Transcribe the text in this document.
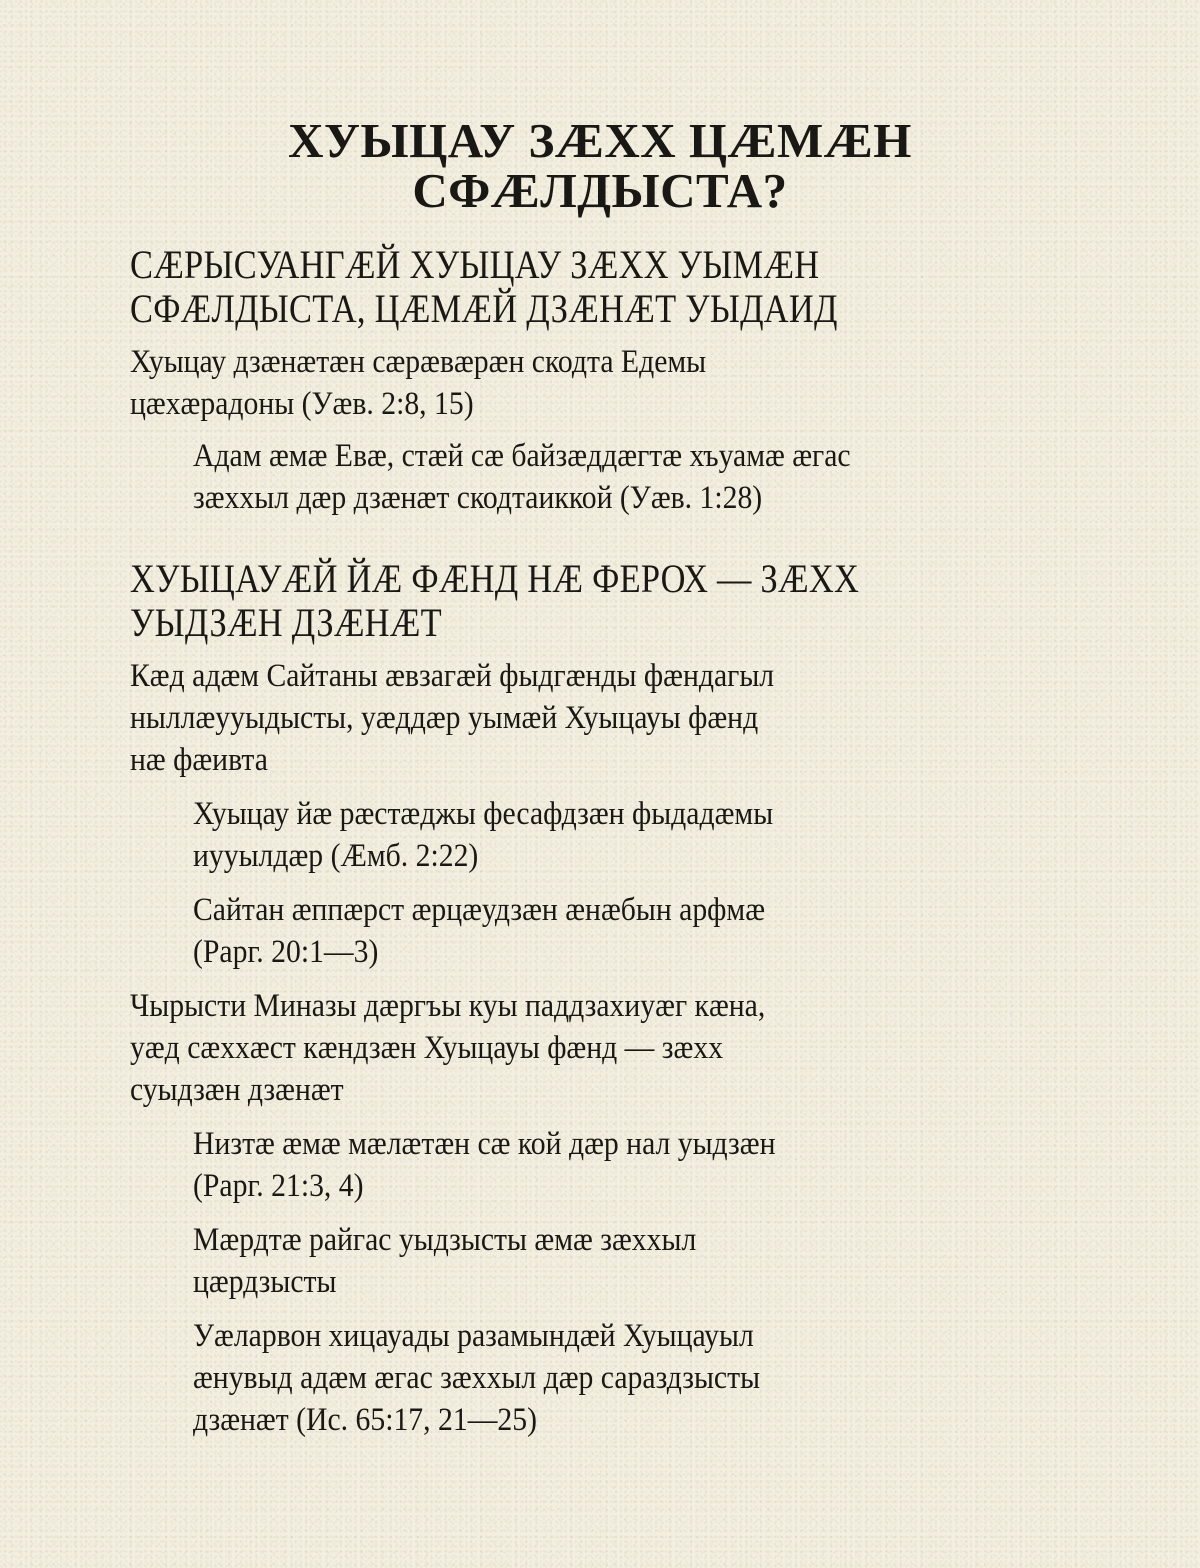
ХУЫЦАУ ЗÆХХ ЦÆМÆН
СФÆЛДЫСТА?
СÆРЫСУАНГÆЙ ХУЫЦАУ ЗÆХХ УЫМÆН
СФÆЛДЫСТА, ЦÆМÆЙ ДЗÆНÆТ УЫДАИД

Хуыцау дзæнæтæн сæрæвæрæн скодта Едемы
цæхæрадоны (Уæв. 2:8, 15)

Адам æмæ Евæ, стæй сæ байзæддæгтæ хъуамæ æгас
зæххыл дæр дзæнæт скодтаиккой (Уæв. 1:28)

ХУЫЦАУÆЙ ЙÆ ФÆНД НÆ ФЕРОХ — ЗÆХХ
УЫДЗÆН ДЗÆНÆТ

Кæд адæм Сайтаны æвзагæй фыдгæнды фæндагыл
ныллæууыдысты, уæддæр уымæй Хуыцауы фæнд
нæ фæивта

Хуыцау йæ рæстæджы фесафдзæн фыдадæмы
иууылдæр (Æмб. 2:22)

Сайтан æппæрст æрцæудзæн æнæбын арфмæ
(Рарг. 20:1—3)

Чырысти Миназы дæргъы куы паддзахиуæг кæна,
уæд сæххæст кæндзæн Хуыцауы фæнд — зæхх
суыдзæн дзæнæт

Низтæ æмæ мæлæтæн сæ кой дæр нал уыдзæн
(Рарг. 21:3, 4)

Мæрдтæ райгас уыдзысты æмæ зæххыл
цæрдзысты

Уæларвон хицауады разамындæй Хуыцауыл
æнувыд адæм æгас зæххыл дæр сараздзысты
дзæнæт (Ис. 65:17, 21—25)
